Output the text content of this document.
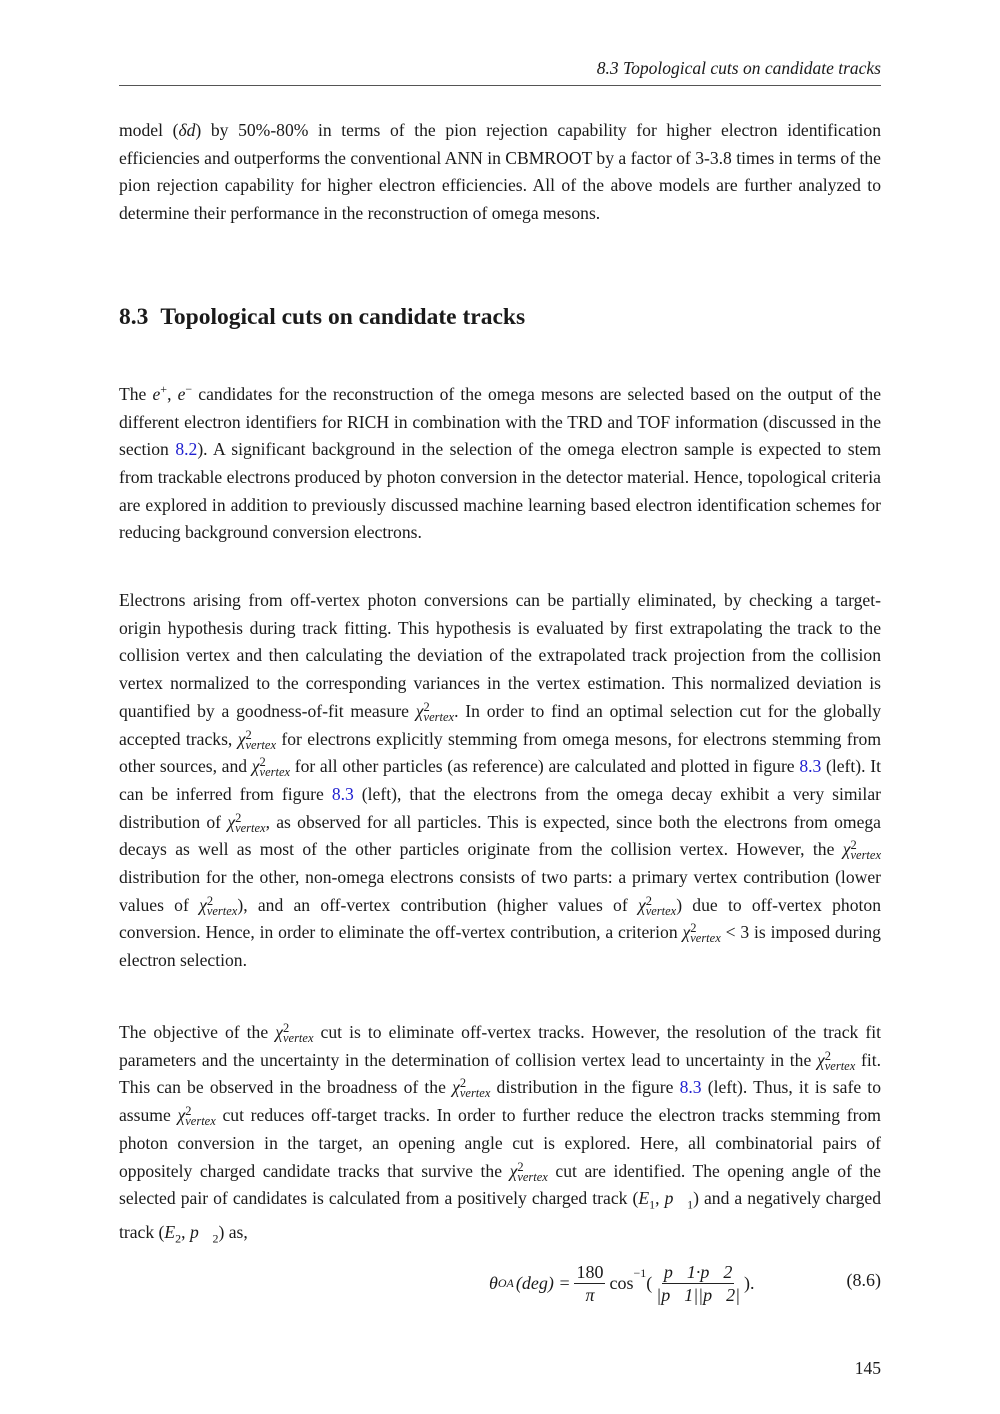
8.3 Topological cuts on candidate tracks
model (δd) by 50%-80% in terms of the pion rejection capability for higher electron identification efficiencies and outperforms the conventional ANN in CBMROOT by a factor of 3-3.8 times in terms of the pion rejection capability for higher electron efficiencies. All of the above models are further analyzed to determine their performance in the reconstruction of omega mesons.
8.3 Topological cuts on candidate tracks
The e+, e− candidates for the reconstruction of the omega mesons are selected based on the output of the different electron identifiers for RICH in combination with the TRD and TOF information (discussed in the section 8.2). A significant background in the selection of the omega electron sample is expected to stem from trackable electrons produced by photon conversion in the detector material. Hence, topological criteria are explored in addition to previously discussed machine learning based electron identification schemes for reducing background conversion electrons.
Electrons arising from off-vertex photon conversions can be partially eliminated, by checking a target-origin hypothesis during track fitting. This hypothesis is evaluated by first extrapolating the track to the collision vertex and then calculating the deviation of the extrapolated track projection from the collision vertex normalized to the corresponding variances in the vertex estimation. This normalized deviation is quantified by a goodness-of-fit measure χ 2
vertex . In order to find an optimal selection cut for the globally accepted tracks, χ 2
vertex for electrons explicitly stemming from omega mesons, for electrons stemming from other sources, and χ 2
vertex for all other particles (as reference) are calculated and plotted in figure 8.3 (left). It can be inferred from figure 8.3 (left), that the electrons from the omega decay exhibit a very similar distribution of χ 2
vertex , as observed for all particles. This is expected, since both the electrons from omega decays as well as most of the other particles originate from the collision vertex. However, the χ 2
vertex
distribution for the other, non-omega electrons consists of two parts: a primary vertex contribution (lower values of χ 2
vertex ), and an off-vertex contribution (higher values of χ 2
vertex ) due to off-vertex photon conversion. Hence, in order to eliminate the off-vertex contribution, a criterion χ 2
vertex < 3 is imposed during electron selection.
The objective of the χ 2
vertex cut is to eliminate off-vertex tracks. However, the resolution of the track fit parameters and the uncertainty in the determination of collision vertex lead to uncertainty in the χ 2
vertex fit. This can be observed in the broadness of the χ 2
vertex distribution in the figure 8.3 (left). Thus, it is safe to assume χ 2
vertex cut reduces off-target tracks. In order to further reduce the electron tracks stemming from photon conversion in the target, an opening angle cut is explored. Here, all combinatorial pairs of oppositely charged candidate tracks that survive the χ 2
vertex cut are identified. The opening angle of the selected pair of candidates is calculated from a positively charged track ($E_1$, $p⃗_1$) and a negatively charged track ($E_2$, $p⃗_2$) as,
θ OA $(deg) = \frac{180}{\pi} \cos^{-1}$ ( $\frac{p⃗1\cdot p⃗2}{|p⃗1||p⃗2|}$ ).	(8.6)
145
